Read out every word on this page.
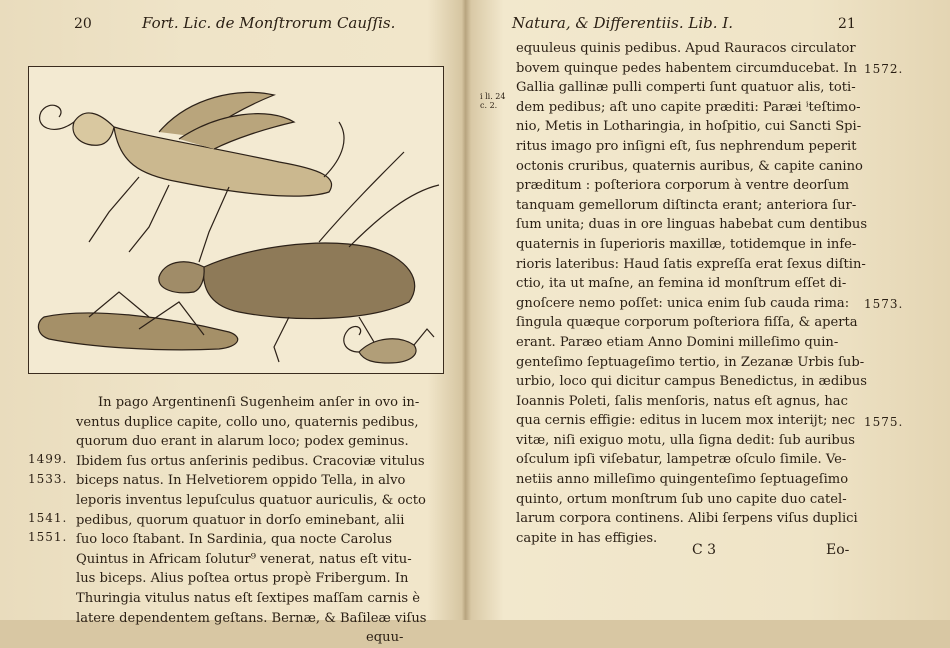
20	Fort. Lic. de Monſtrorum Cauſſis.
In pago Argentinenſi Sugenheim anſer in ovo in-
ventus duplice capite, collo uno, quaternis pedibus,
quorum duo erant in alarum loco; podex geminus.
Ibidem ſus ortus anſerinis pedibus. Cracoviæ vitulus
biceps natus. In Helvetiorem oppido Tella, in alvo
leporis inventus lepuſculus quatuor auriculis, & octo
pedibus, quorum quatuor in dorſo eminebant, alii
ſuo loco ſtabant. In Sardinia, qua nocte Carolus
Quintus in Africam ſolutur⁹ venerat, natus eſt vitu-
lus biceps. Alius poſtea ortus propè Fribergum. In
Thuringia vitulus natus eſt ſextipes maſſam carnis è
latere dependentem geſtans. Bernæ, & Baſileæ viſus
equu-
1499.
1533.
1541.
1551.
Natura, & Differentiis. Lib. I.	21
i li. 24
c. 2.
equuleus quinis pedibus. Apud Rauracos circulator
bovem quinque pedes habentem circumducebat. In
Gallia gallinæ pulli comperti ſunt quatuor alis, toti-
dem pedibus; aſt uno capite præditi: Paræi ⁱteſtimo-
nio, Metis in Lotharingia, in hoſpitio, cui Sancti Spi-
ritus imago pro inſigni eſt, ſus nephrendum peperit
octonis cruribus, quaternis auribus, & capite canino
præditum : poſteriora corporum à ventre deorſum
tanquam gemellorum diſtincta erant; anteriora ſur-
ſum unita; duas in ore linguas habebat cum dentibus
quaternis in ſuperioris maxillæ, totidemque in infe-
rioris lateribus: Haud ſatis expreſſa erat ſexus diſtin-
ctio, ita ut maſne, an femina id monſtrum eſſet di-
gnoſcere nemo poſſet: unica enim ſub cauda rima:
ſingula quæque corporum poſteriora fiſſa, & aperta
erant. Paræo etiam Anno Domini milleſimo quin-
genteſimo ſeptuageſimo tertio, in Zezanæ Urbis ſub-
urbio, loco qui dicitur campus Benedictus, in ædibus
Ioannis Poleti, ſalis menſoris, natus eſt agnus, hac
qua cernis effigie: editus in lucem mox interijt; nec
vitæ, niſi exiguo motu, ulla ſigna dedit: ſub auribus
oſculum ipſi viſebatur, lampetræ oſculo ſimile. Ve-
netiis anno milleſimo quingenteſimo ſeptuageſimo
quinto, ortum monſtrum ſub uno capite duo catel-
larum corpora continens. Alibi ſerpens viſus duplici
capite in has effigies.
1572.
1573.
1575.
C 3	Eo-
